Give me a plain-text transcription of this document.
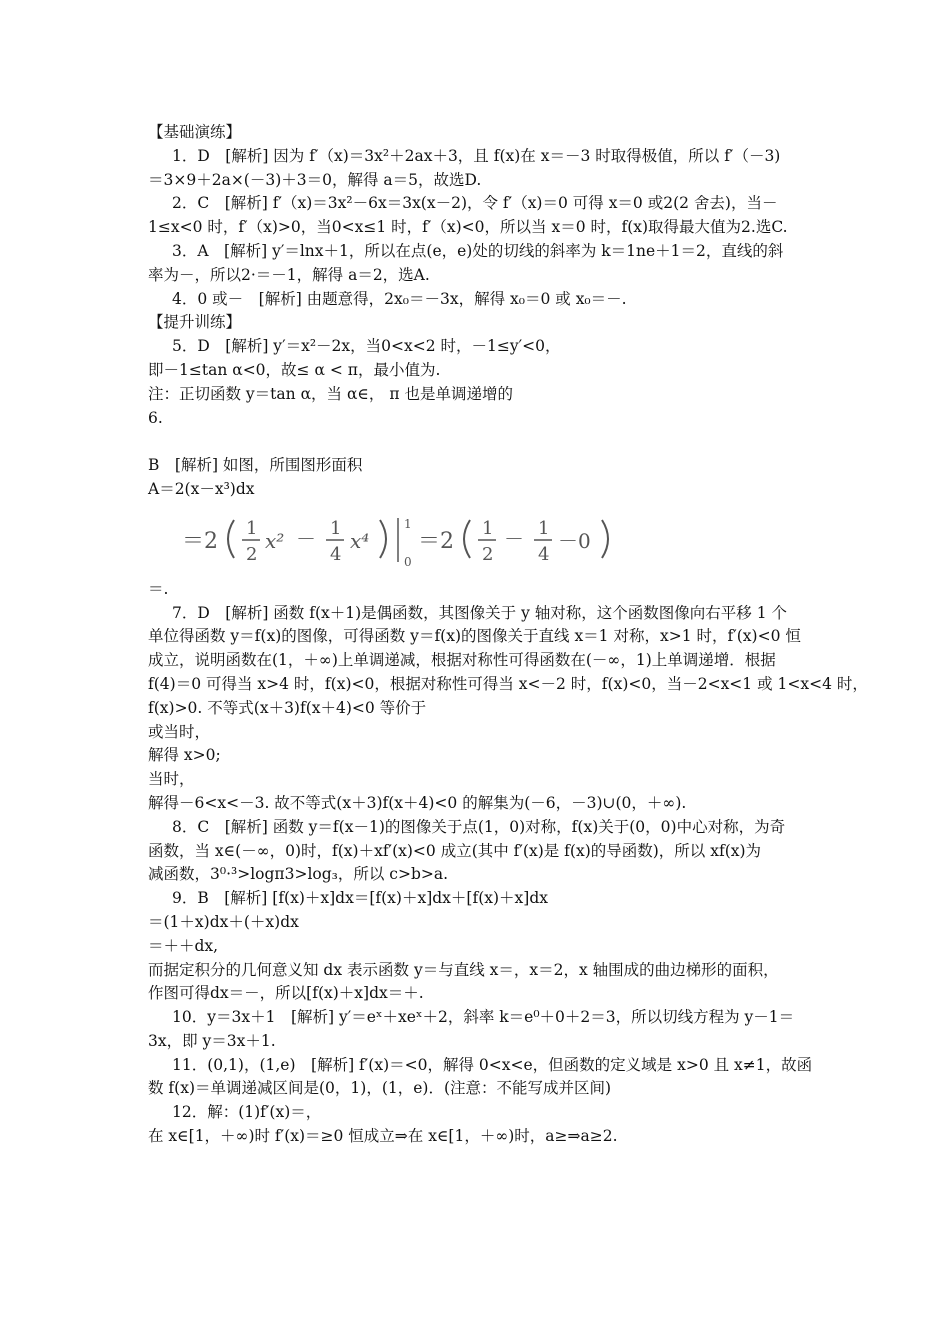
【基础演练】
1．D　[解析] 因为 f′（x)＝3x²＋2ax＋3，且 f(x)在 x＝－3 时取得极值，所以 f′（－3)
＝3×9＋2a×(－3)＋3＝0，解得 a＝5，故选D.
2．C　[解析] f′（x)＝3x²－6x＝3x(x－2)，令 f′（x)＝0 可得 x＝0 或2(2 舍去)，当－
1≤x<0 时，f′（x)>0，当0<x≤1 时，f′（x)<0，所以当 x＝0 时，f(x)取得最大值为2.选C.
3．A　[解析] y′＝lnx＋1，所以在点(e，e)处的切线的斜率为 k＝1ne＋1＝2，直线的斜
率为－，所以2·＝－1，解得 a＝2，选A.
4．0 或－　[解析] 由题意得，2x₀＝－3x，解得 x₀＝0 或 x₀＝－.
【提升训练】
5．D　[解析] y′＝x²－2x，当0<x<2 时，－1≤y′<0，
即－1≤tan α<0，故≤ α < π，最小值为.
注：正切函数 y＝tan α，当 α∈， π 也是单调递增的
6.
B　[解析] 如图，所围图形面积
A＝2(x－x³)dx
＝2
1
2
x² － 1
4
x⁴
1
0
＝2
1
2
－ 1
4
－0
＝.
7．D　[解析] 函数 f(x＋1)是偶函数，其图像关于 y 轴对称，这个函数图像向右平移 1 个
单位得函数 y＝f(x)的图像，可得函数 y＝f(x)的图像关于直线 x＝1 对称，x>1 时，f′(x)<0 恒
成立，说明函数在(1，＋∞)上单调递减，根据对称性可得函数在(－∞，1)上单调递增．根据
f(4)＝0 可得当 x>4 时，f(x)<0，根据对称性可得当 x<－2 时，f(x)<0，当－2<x<1 或 1<x<4 时，
f(x)>0. 不等式(x＋3)f(x＋4)<0 等价于
或当时，
解得 x>0;
当时，
解得－6<x<－3. 故不等式(x＋3)f(x＋4)<0 的解集为(－6，－3)∪(0，＋∞).
8．C　[解析] 函数 y＝f(x－1)的图像关于点(1，0)对称，f(x)关于(0，0)中心对称，为奇
函数，当 x∈(－∞，0)时，f(x)＋xf′(x)<0 成立(其中 f′(x)是 f(x)的导函数)，所以 xf(x)为
减函数，3⁰·³>logπ3>log₃，所以 c>b>a.
9．B　[解析] [f(x)＋x]dx＝[f(x)＋x]dx＋[f(x)＋x]dx
＝(1＋x)dx＋(＋x)dx
＝＋＋dx,
而据定积分的几何意义知 dx 表示函数 y＝与直线 x＝，x＝2，x 轴围成的曲边梯形的面积，
作图可得dx＝－，所以[f(x)＋x]dx＝＋.
10．y＝3x＋1　[解析] y′＝eˣ＋xeˣ＋2，斜率 k＝e⁰＋0＋2＝3，所以切线方程为 y－1＝
3x，即 y＝3x＋1.
11．(0,1)，(1,e)　[解析] f′(x)＝<0，解得 0<x<e，但函数的定义域是 x>0 且 x≠1，故函
数 f(x)＝单调递减区间是(0，1)，(1，e)．(注意：不能写成并区间)
12．解：(1)f′(x)＝，
在 x∈[1，＋∞)时 f′(x)＝≥0 恒成立⇒在 x∈[1，＋∞)时，a≥⇒a≥2.
